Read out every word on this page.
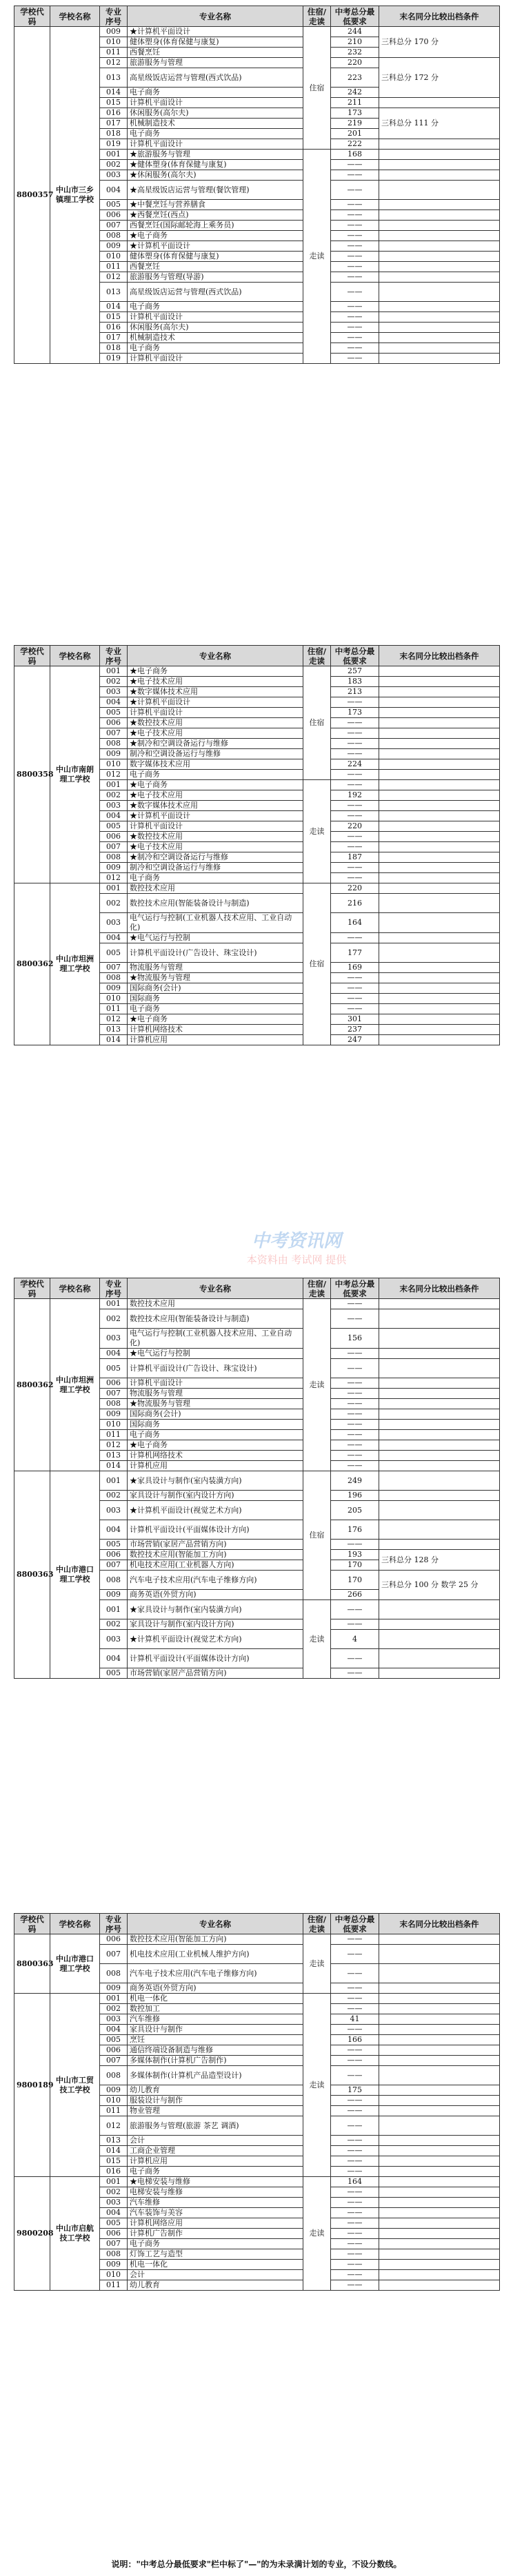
学校代码	学校名称	专业序号	专业名称	住宿/走读	中考总分最低要求	末名同分比较出档条件
8800357	中山市三乡镇理工学校	009	★计算机平面设计	住宿	244	三科总分 170 分
		010	健体塑身(体育保健与康复)		210	
		011	西餐烹饪		232	
		012	旅游服务与管理		220	三科总分 172 分
		013	高星级饭店运营与管理(西式饮品)		223	
		014	电子商务		242	
		015	计算机平面设计		211	
		016	休闲服务(高尔夫)		173	三科总分 111 分
		017	机械制造技术		219	
		018	电子商务		201	
		019	计算机平面设计		222	
		001	★旅游服务与管理	走读	168	
		002	★健体塑身(体育保健与康复)		——	
		003	★休闲服务(高尔夫)		——	
		004	★高星级饭店运营与管理(餐饮管理)		——	
		005	★中餐烹饪与营养膳食		——	
		006	★西餐烹饪(西点)		——	
		007	西餐烹饪(国际邮轮海上乘务员)		——	
		008	★电子商务		——	
		009	★计算机平面设计		——	
		010	健体塑身(体育保健与康复)		——	
		011	西餐烹饪		——	
		012	旅游服务与管理(导游)		——	
		013	高星级饭店运营与管理(西式饮品)		——	
		014	电子商务		——	
		015	计算机平面设计		——	
		016	休闲服务(高尔夫)		——	
		017	机械制造技术		——	
		018	电子商务		——	
		019	计算机平面设计		——	
学校代码	学校名称	专业序号	专业名称	住宿/走读	中考总分最低要求	末名同分比较出档条件
8800358	中山市南朗理工学校	001	★电子商务	住宿	257	
		002	★电子技术应用		183	
		003	★数字媒体技术应用		213	
		004	★计算机平面设计		——	
		005	计算机平面设计		173	
		006	★数控技术应用		——	
		007	★电子技术应用		——	
		008	★制冷和空调设备运行与维修		——	
		009	制冷和空调设备运行与维修		——	
		010	数字媒体技术应用		224	
		012	电子商务		——	
		001	★电子商务	走读	——	
		002	★电子技术应用		192	
		003	★数字媒体技术应用		——	
		004	★计算机平面设计		——	
		005	计算机平面设计		220	
		006	★数控技术应用		——	
		007	★电子技术应用		——	
		008	★制冷和空调设备运行与维修		187	
		009	制冷和空调设备运行与维修		——	
		012	电子商务		——	
8800362	中山市坦洲理工学校	001	数控技术应用	住宿	220	
		002	数控技术应用(智能装备设计与制造)		216	
		003	电气运行与控制(工业机器人技术应用、工业自动化)		164	
		004	★电气运行与控制		——	
		005	计算机平面设计(广告设计、珠宝设计)		177	
		007	物流服务与管理		169	
		008	★物流服务与管理		——	
		009	国际商务(会计)		——	
		010	国际商务		——	
		011	电子商务		——	
		012	★电子商务		301	
		013	计算机网络技术		237	
		014	计算机应用		247	
学校代码	学校名称	专业序号	专业名称	住宿/走读	中考总分最低要求	末名同分比较出档条件
8800362	中山市坦洲理工学校	001	数控技术应用	走读	——	
		002	数控技术应用(智能装备设计与制造)		——	
		003	电气运行与控制(工业机器人技术应用、工业自动化)		156	
		004	★电气运行与控制		——	
		005	计算机平面设计(广告设计、珠宝设计)		——	
		006	计算机平面设计		——	
		007	物流服务与管理		——	
		008	★物流服务与管理		——	
		009	国际商务(会计)		——	
		010	国际商务		——	
		011	电子商务		——	
		012	★电子商务		——	
		013	计算机网络技术		——	
		014	计算机应用		——	
8800363	中山市港口理工学校	001	★家具设计与制作(室内装潢方向)	住宿	249	
		002	家具设计与制作(室内设计方向)		196	
		003	★计算机平面设计(视觉艺术方向)		205	
		004	计算机平面设计(平面媒体设计方向)		176	
		005	市场营销(家居产品营销方向)		——	
		006	数控技术应用(智能加工方向)		193	三科总分 128 分
		007	机电技术应用(工业机器人方向)		170	
		008	汽车电子技术应用(汽车电子维修方向)		170	三科总分 100 分 数学 25 分
		009	商务英语(外贸方向)		266	
		001	★家具设计与制作(室内装潢方向)	走读	——	
		002	家具设计与制作(室内设计方向)		——	
		003	★计算机平面设计(视觉艺术方向)		4	
		004	计算机平面设计(平面媒体设计方向)		——	
		005	市场营销(家居产品营销方向)		——	
学校代码	学校名称	专业序号	专业名称	住宿/走读	中考总分最低要求	末名同分比较出档条件
8800363	中山市港口理工学校	006	数控技术应用(智能加工方向)	走读	——	
		007	机电技术应用(工业机械人维护方向)		——	
		008	汽车电子技术应用(汽车电子维修方向)		——	
		009	商务英语(外贸方向)		——	
9800189	中山市工贸技工学校	001	机电一体化	走读	——	
		002	数控加工		——	
		003	汽车维修		41	
		004	家具设计与制作		——	
		005	烹饪		166	
		006	通信终端设备制造与维修		——	
		007	多媒体制作(计算机广告制作)		——	
		008	多媒体制作(计算机产品造型设计)		——	
		009	幼儿教育		175	
		010	服装设计与制作		——	
		011	物业管理		——	
		012	旅游服务与管理(旅游 茶艺 调酒)		——	
		013	会计		——	
		014	工商企业管理		——	
		015	计算机应用		——	
		016	电子商务		——	
9800208	中山市启航技工学校	001	★电梯安装与维修	走读	164	
		002	电梯安装与维修		——	
		003	汽车维修		——	
		004	汽车装饰与美容		——	
		005	计算机网络应用		——	
		006	计算机广告制作		——	
		007	电子商务		——	
		008	灯饰工艺与造型		——	
		009	机电一体化		——	
		010	会计		——	
		011	幼儿教育		——	
中考资讯网
本资料由 考试网 提供
说明："中考总分最低要求"栏中标了"—"的为未录满计划的专业，不设分数线。
